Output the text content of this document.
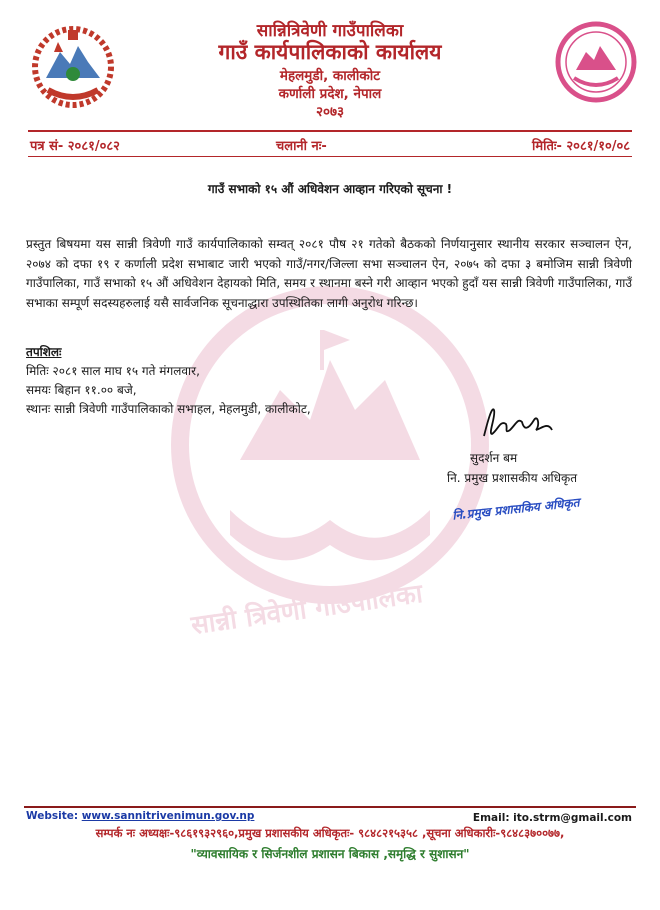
सान्नी त्रिवेणी गाउँपालिका
सान्नित्रिवेणी गाउँपालिका
गाउँ कार्यपालिकाको कार्यालय
मेहलमुडी, कालीकोट
कर्णाली प्रदेश, नेपाल
२०७३
पत्र सं- २०८१/०८२	चलानी नः-	मितिः- २०८१/१०/०८
गाउँ सभाको १५ औं अधिवेशन आव्हान गरिएको सूचना !
प्रस्तुत बिषयमा यस सान्नी त्रिवेणी गाउँ कार्यपालिकाको सम्वत् २०८१ पौष २१ गतेको बैठकको निर्णयानुसार स्थानीय सरकार सञ्चालन ऐन, २०७४ को दफा १९ र कर्णाली प्रदेश सभाबाट जारी भएको गाउँ/नगर/जिल्ला सभा सञ्चालन ऐन, २०७५ को दफा ३ बमोजिम सान्नी त्रिवेणी गाउँपालिका, गाउँ सभाको १५ औं अधिवेशन देहायको मिति, समय र स्थानमा बस्ने गरी आव्हान भएको हुदाँ यस सान्नी त्रिवेणी गाउँपालिका, गाउँ सभाका सम्पूर्ण सदस्यहरुलाई यसै सार्वजनिक सूचनाद्धारा उपस्थितिका लागी अनुरोध गरिन्छ।
तपशिलः
मितिः २०८१ साल माघ १५ गते मंगलवार,
समयः बिहान ११.०० बजे,
स्थानः सान्नी त्रिवेणी गाउँपालिकाको सभाहल, मेहलमुडी, कालीकोट,
सुदर्शन बम
नि. प्रमुख प्रशासकीय अधिकृत
नि.प्रमुख प्रशासकिय अधिकृत
Website: www.sannitrivenimun.gov.np	Email: ito.strm@gmail.com
सम्पर्क नः अध्यक्षः-९८६१९३२९६०,प्रमुख प्रशासकीय अधिकृतः- ९८४८२१५३५८ ,सूचना अधिकारीः-९८४८३७००७७,
"व्यावसायिक र सिर्जनशील प्रशासन बिकास ,समृद्धि र सुशासन"
